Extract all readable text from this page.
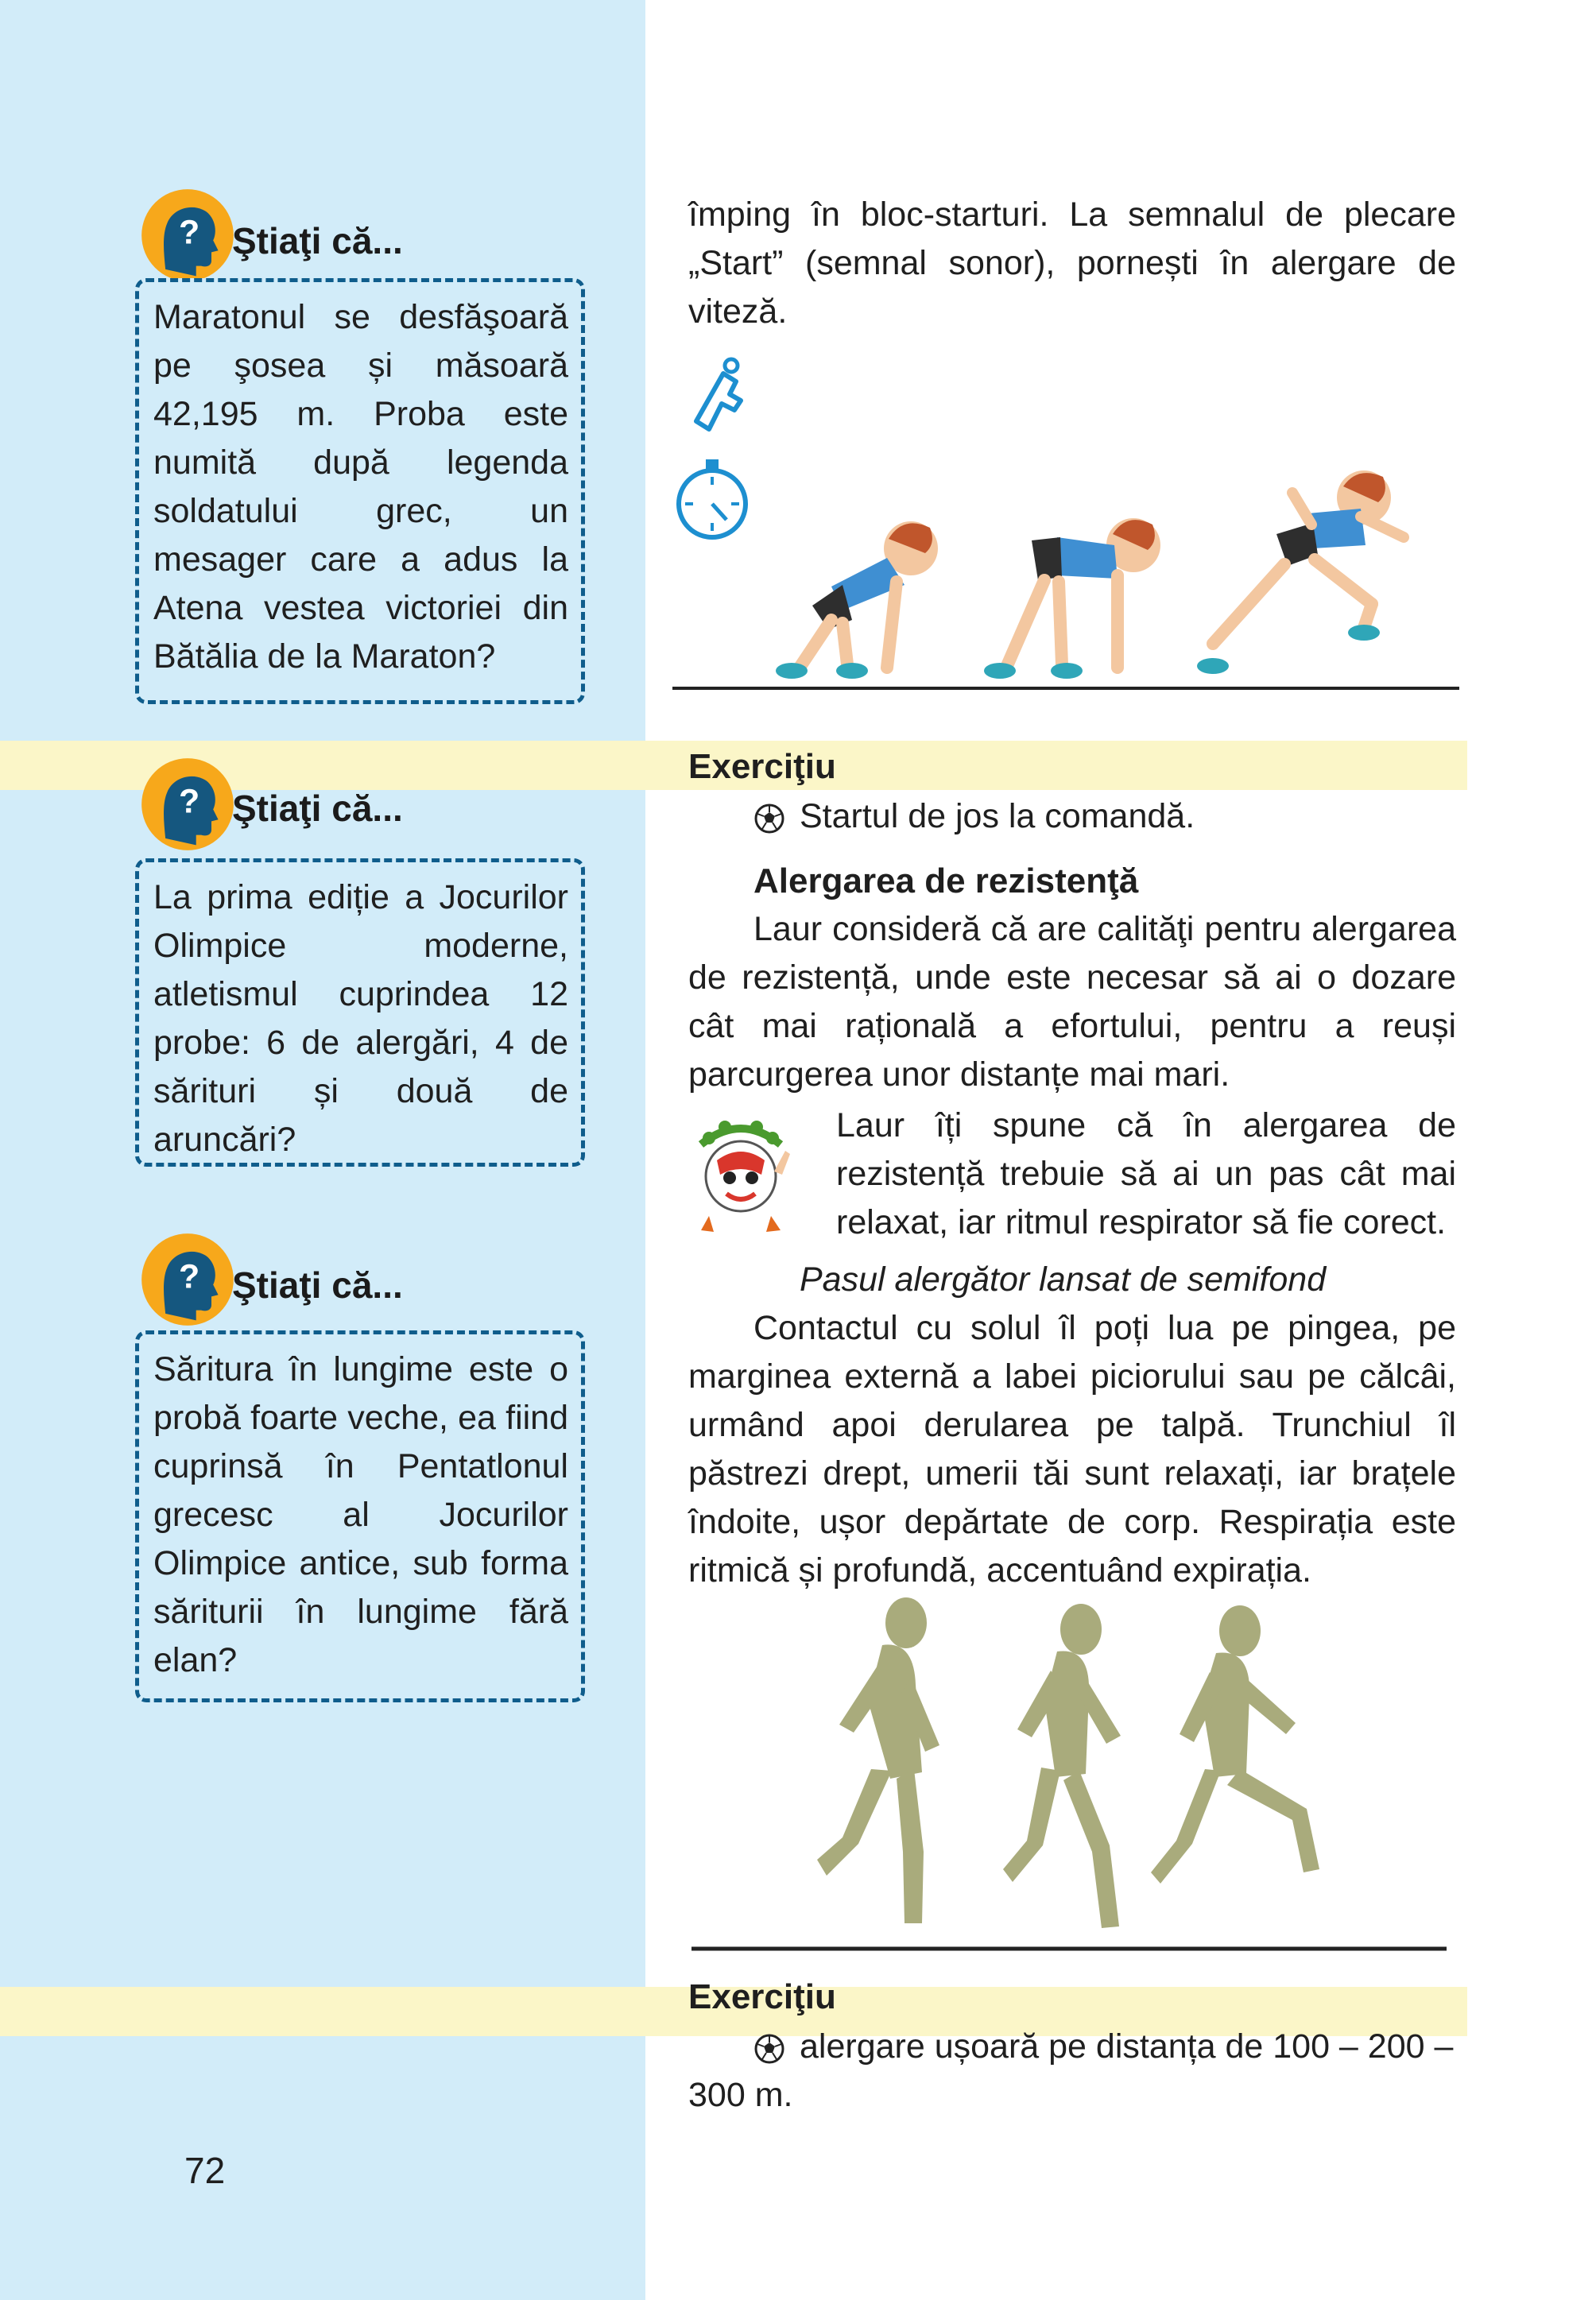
? Ştiaţi că...

Maratonul se desfăşoară pe şosea și măsoară 42,195 m. Proba este numită după legenda soldatului grec, un mesager care a adus la Atena vestea victoriei din Bătălia de la Maraton?

? Ştiaţi că...

La prima ediție a Jocurilor Olimpice moderne, atletismul cuprindea 12 probe: 6 de alergări, 4 de sărituri și două de aruncări?

? Ştiaţi că...

Săritura în lungime este o probă foarte veche, ea fiind cuprinsă în Pentatlonul grecesc al Jocurilor Olimpice antice, sub forma săriturii în lungime fără elan?

împing în bloc-starturi. La semnalul de plecare „Start” (semnal sonor), pornești în alergare de viteză.

Exerciţiu
Startul de jos la comandă.
Alergarea de rezistenţă

Laur consideră că are calităţi pentru alergarea de rezistență, unde este necesar să ai o dozare cât mai rațională a efortului, pentru a reuși parcurgerea unor distanțe mai mari.

Laur îți spune că în alergarea de rezistență trebuie să ai un pas cât mai relaxat, iar ritmul respirator să fie corect.

Pasul alergător lansat de semifond

Contactul cu solul îl poți lua pe pingea, pe marginea externă a labei piciorului sau pe călcâi, urmând apoi derularea pe talpă. Trunchiul îl păstrezi drept, umerii tăi sunt relaxați, iar brațele îndoite, ușor depărtate de corp. Respirația este ritmică și profundă, accentuând expirația.

Exerciţiu
alergare ușoară pe distanța de 100 – 200 – 300 m.
72
